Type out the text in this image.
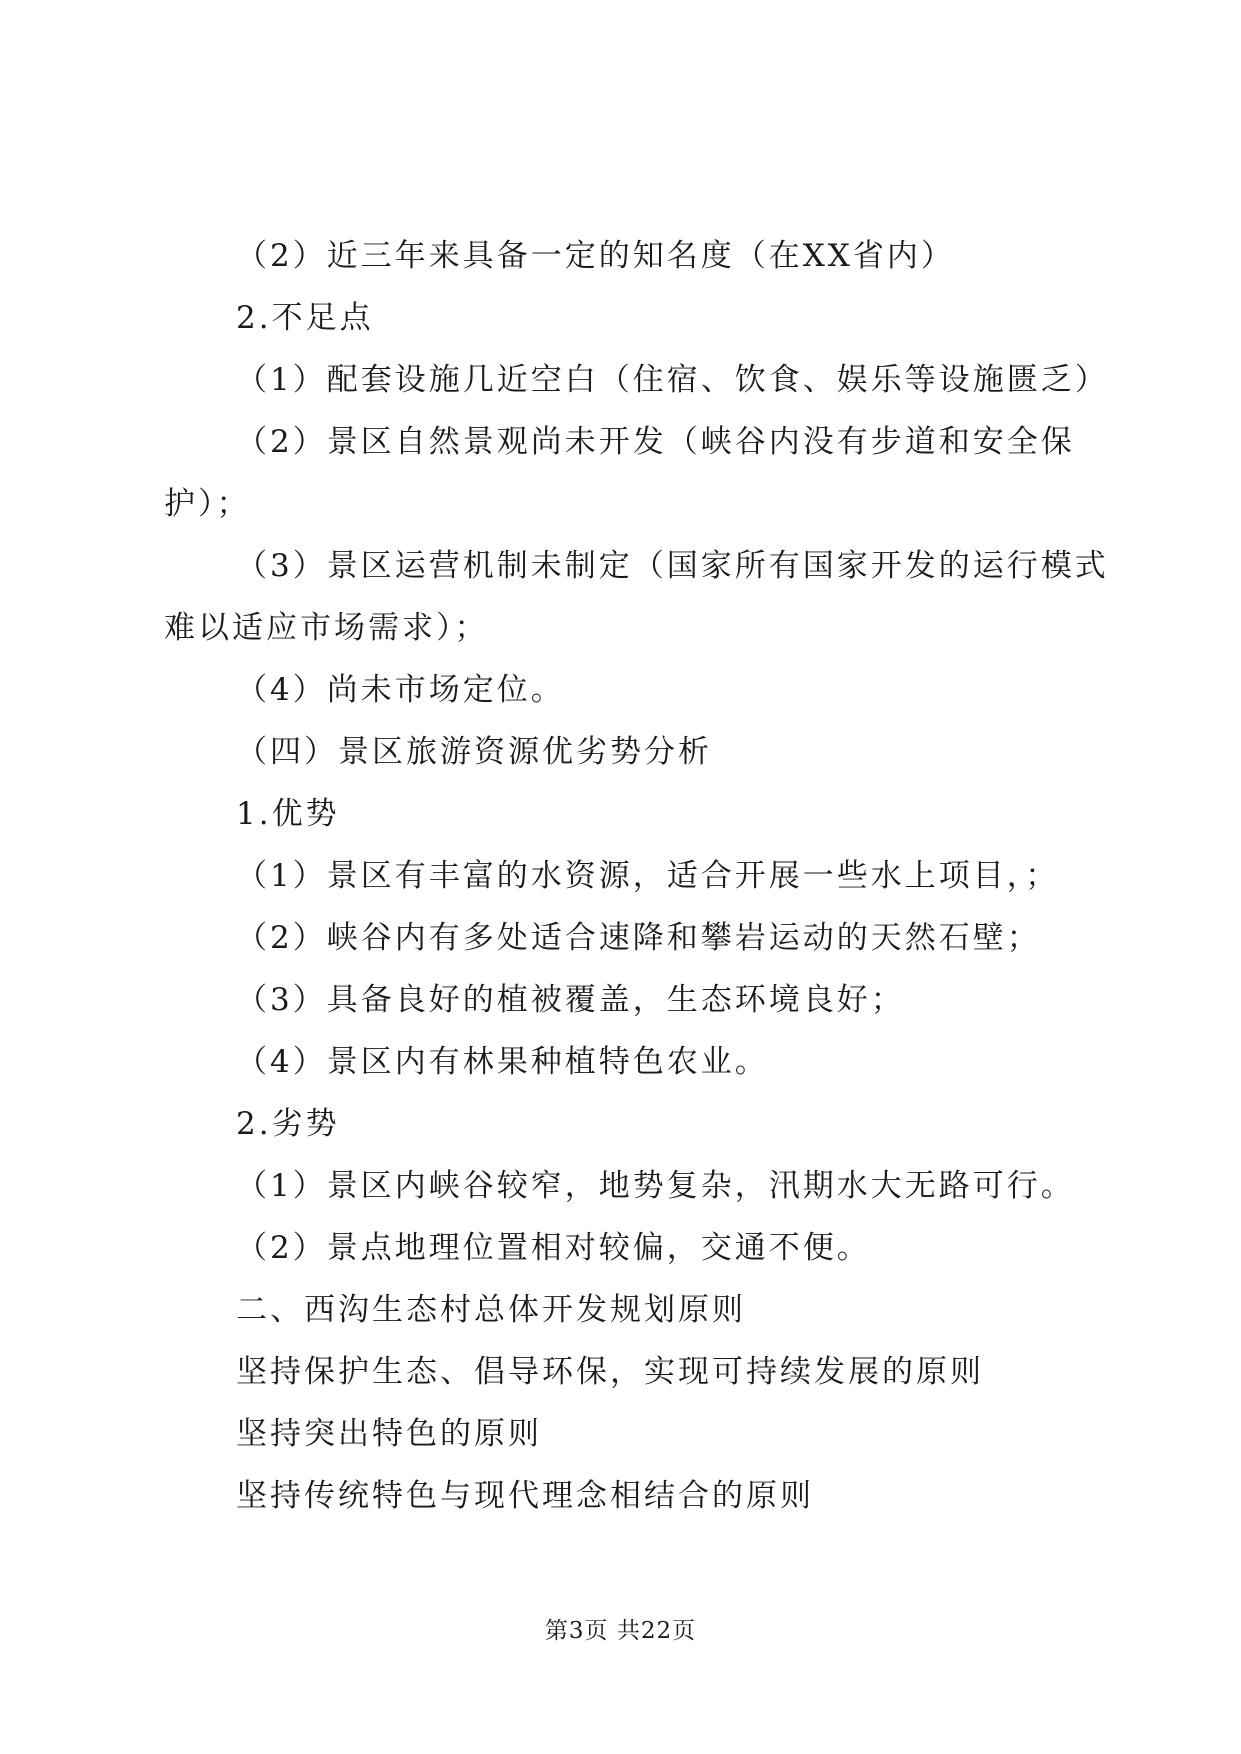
（2）近三年来具备一定的知名度（在XX省内）
2.不足点
（1）配套设施几近空白（住宿、饮食、娱乐等设施匮乏）
（2）景区自然景观尚未开发（峡谷内没有步道和安全保
护）；
（3）景区运营机制未制定（国家所有国家开发的运行模式
难以适应市场需求）；
（4）尚未市场定位。
（四）景区旅游资源优劣势分析
1.优势
（1）景区有丰富的水资源，适合开展一些水上项目，；
（2）峡谷内有多处适合速降和攀岩运动的天然石壁；
（3）具备良好的植被覆盖，生态环境良好；
（4）景区内有林果种植特色农业。
2.劣势
（1）景区内峡谷较窄，地势复杂，汛期水大无路可行。
（2）景点地理位置相对较偏，交通不便。
二、西沟生态村总体开发规划原则
坚持保护生态、倡导环保，实现可持续发展的原则
坚持突出特色的原则
坚持传统特色与现代理念相结合的原则
第3页 共22页
